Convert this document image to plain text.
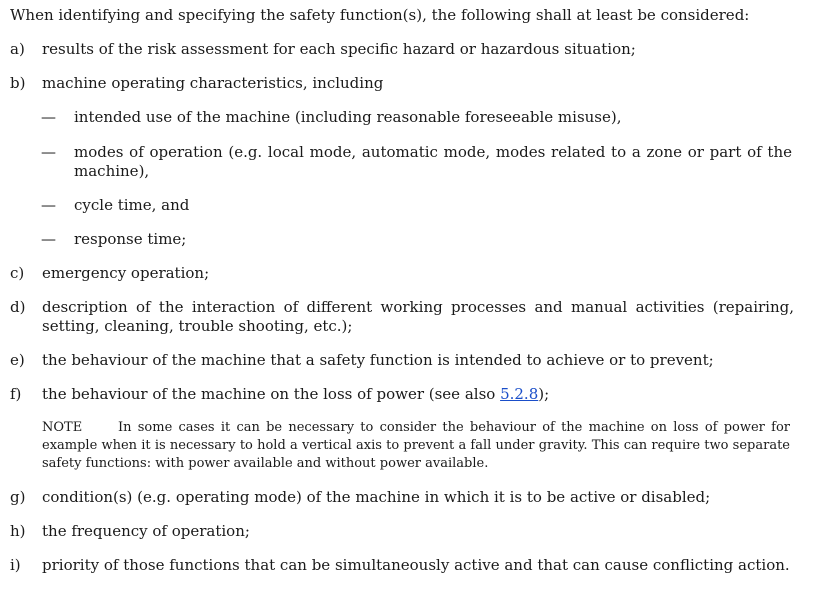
When identifying and specifying the safety function(s), the following shall at least be considered:
a)	results of the risk assessment for each specific hazard or hazardous situation;
b)	machine operating characteristics, including
— intended use of the machine (including reasonable foreseeable misuse),
— modes of operation (e.g. local mode, automatic mode, modes related to a zone or part of the machine),
— cycle time, and
— response time;
c)	emergency operation;
d)	description of the interaction of different working processes and manual activities (repairing, setting, cleaning, trouble shooting, etc.);
e)	the behaviour of the machine that a safety function is intended to achieve or to prevent;
f)	the behaviour of the machine on the loss of power (see also 5.2.8);
NOTE	In some cases it can be necessary to consider the behaviour of the machine on loss of power for example when it is necessary to hold a vertical axis to prevent a fall under gravity. This can require two separate safety functions: with power available and without power available.
g)	condition(s) (e.g. operating mode) of the machine in which it is to be active or disabled;
h)	the frequency of operation;
i)	priority of those functions that can be simultaneously active and that can cause conflicting action.
